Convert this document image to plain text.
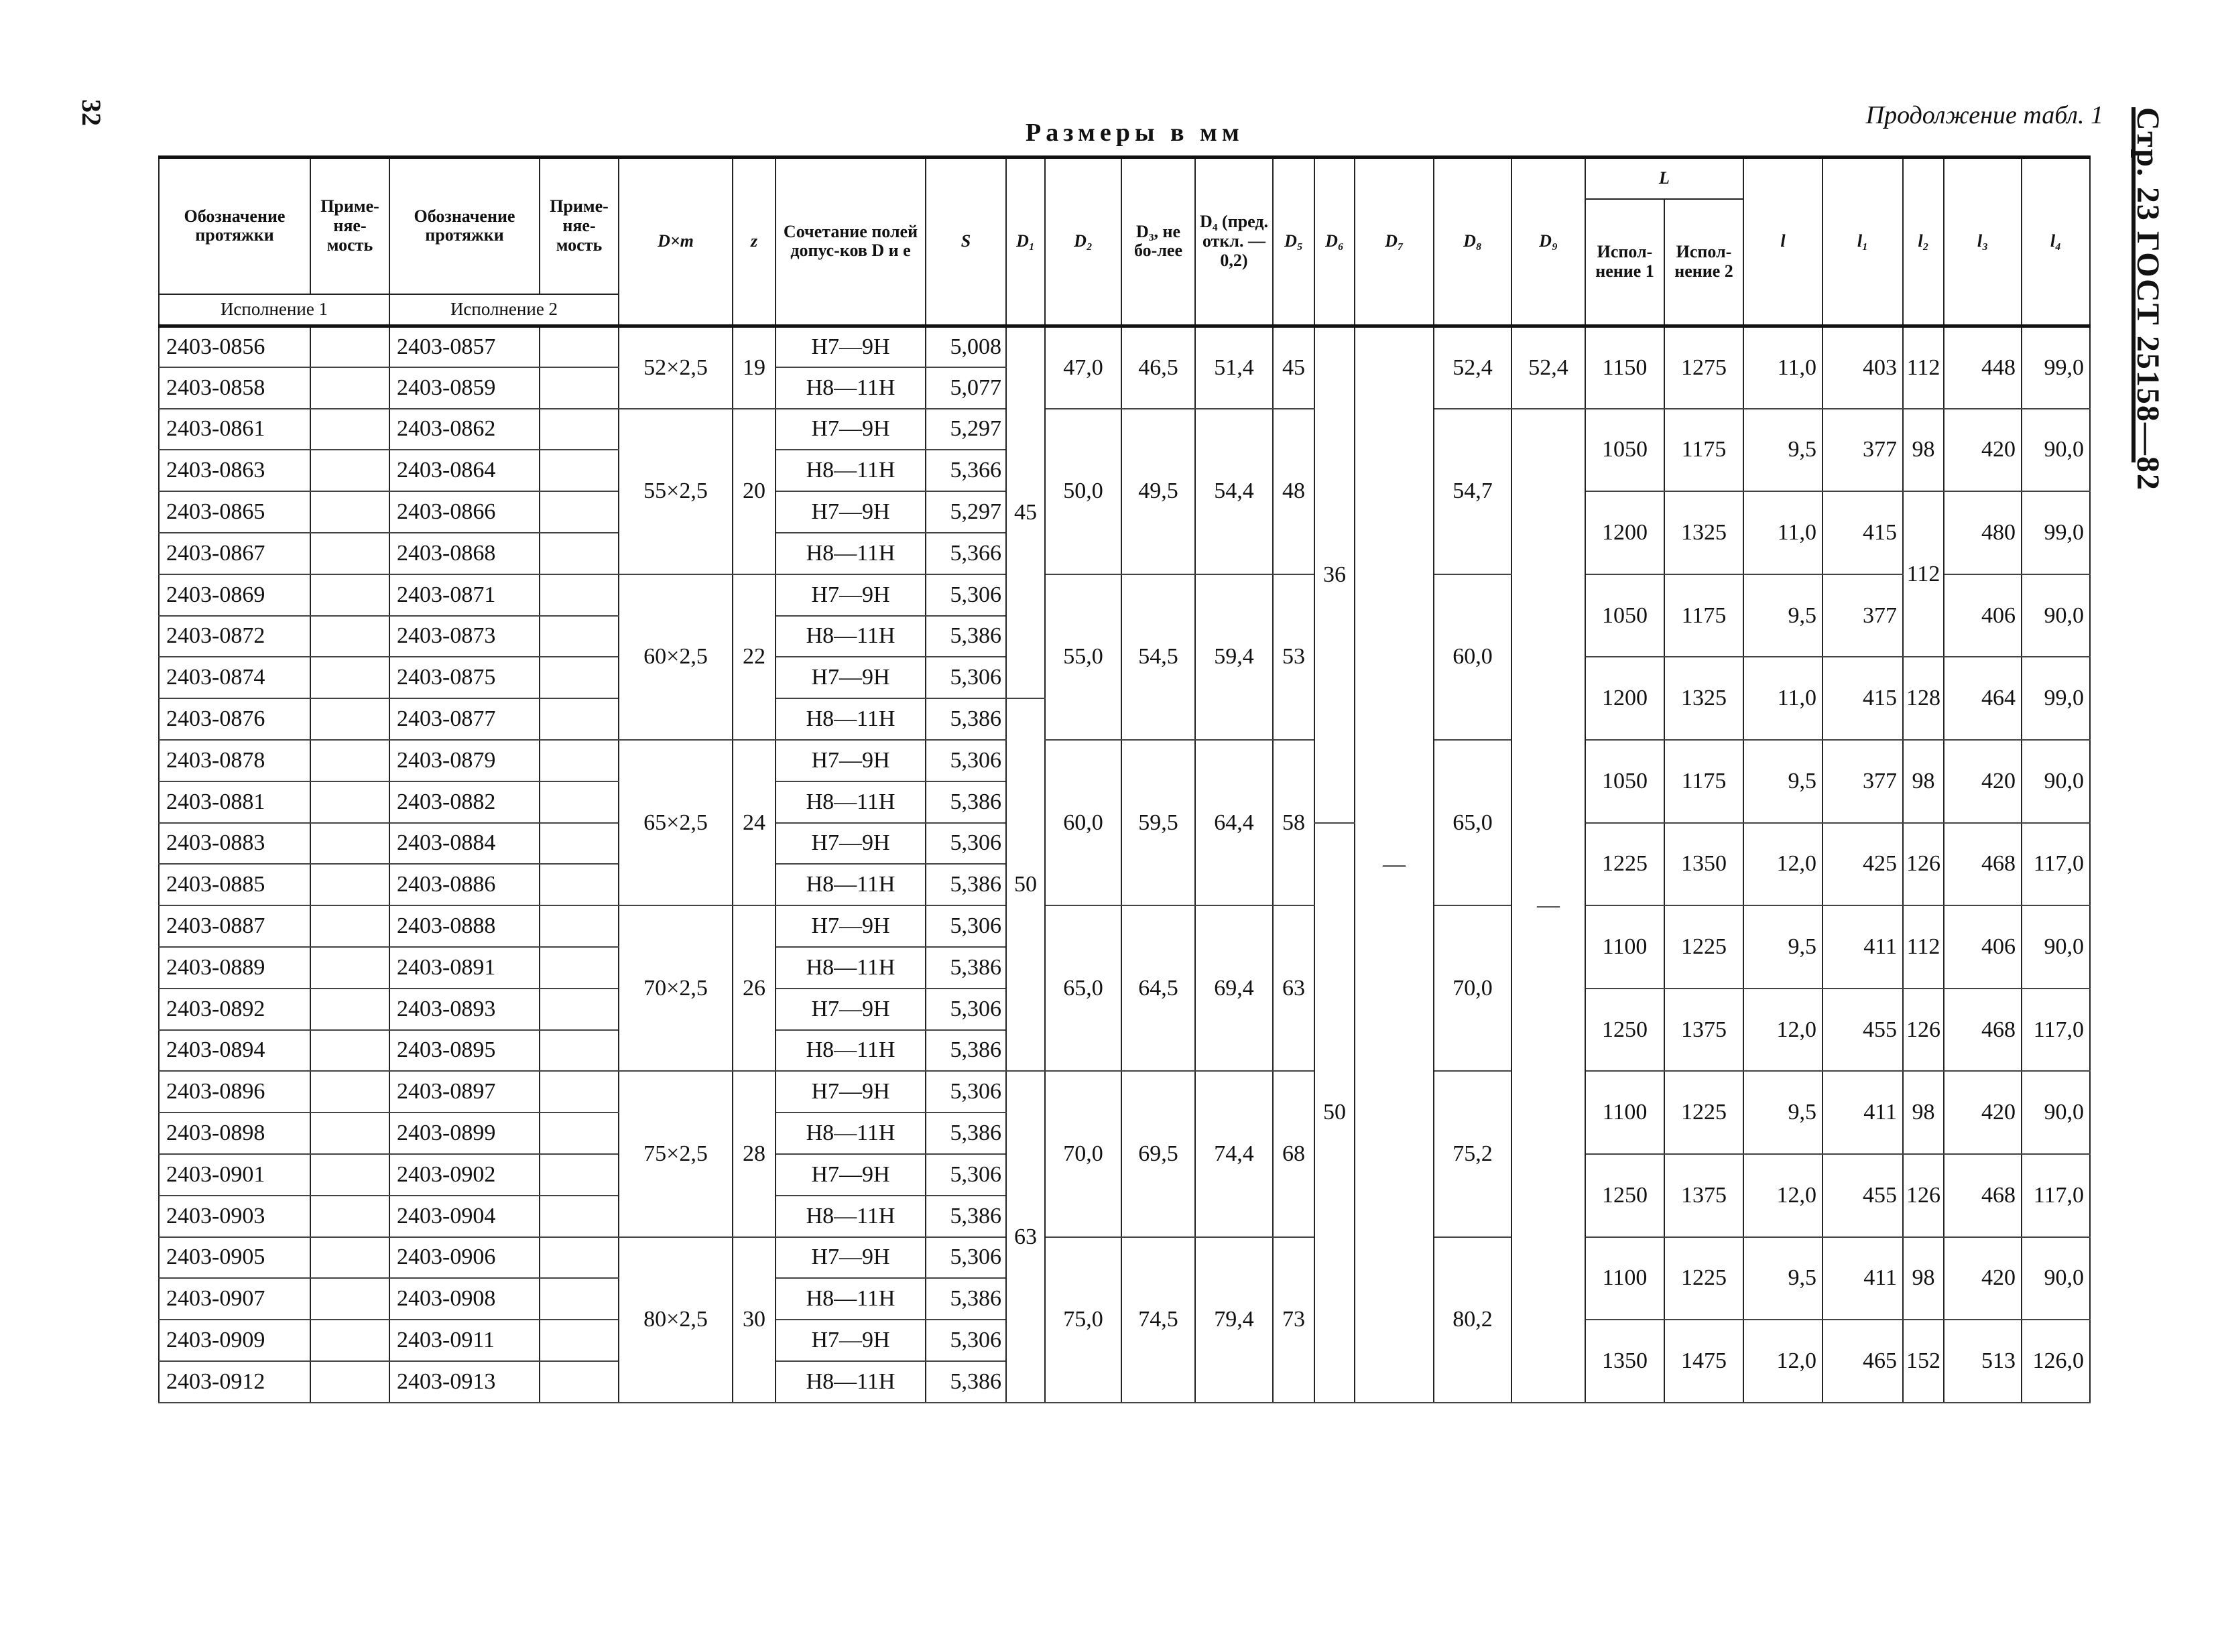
32
Размеры в мм
Продолжение табл. 1 Стр. 23 ГОСТ 25158—82
Обозначение протяжки	Приме-няе-мость	Обозначение протяжки	Приме-няе-мость	D×m	z	Сочетание полей допус-ков D и e	S	D₁	D₂	D₃, не бо-лее	D₄ (пред. откл. —0,2)	D₅	D₆	D₇	D₈	D₉	L		l	l₁	l₂	l₃	l₄
																	Испол-нение 1	Испол-нение 2					
Исполнение 1		Исполнение 2																					
2403-0856		2403-0857		52×2,5	19	H7—9H	5,008	45	47,0	46,5	51,4	45	36	—	52,4	52,4	1150	1275	11,0	403	112	448	99,0
2403-0858		2403-0859				H8—11H	5,077																
2403-0861		2403-0862		55×2,5	20	H7—9H	5,297		50,0	49,5	54,4	48			54,7	—	1050	1175	9,5	377	98	420	90,0
2403-0863		2403-0864				H8—11H	5,366																
2403-0865		2403-0866				H7—9H	5,297										1200	1325	11,0	415	112	480	99,0
2403-0867		2403-0868				H8—11H	5,366																
2403-0869		2403-0871		60×2,5	22	H7—9H	5,306		55,0	54,5	59,4	53			60,0		1050	1175	9,5	377		406	90,0
2403-0872		2403-0873				H8—11H	5,386																
2403-0874		2403-0875				H7—9H	5,306										1200	1325	11,0	415	128	464	99,0
2403-0876		2403-0877				H8—11H	5,386	50															
2403-0878		2403-0879		65×2,5	24	H7—9H	5,306		60,0	59,5	64,4	58			65,0		1050	1175	9,5	377	98	420	90,0
2403-0881		2403-0882				H8—11H	5,386																
2403-0883		2403-0884				H7—9H	5,306						50				1225	1350	12,0	425	126	468	117,0
2403-0885		2403-0886				H8—11H	5,386																
2403-0887		2403-0888		70×2,5	26	H7—9H	5,306		65,0	64,5	69,4	63			70,0		1100	1225	9,5	411	112	406	90,0
2403-0889		2403-0891				H8—11H	5,386																
2403-0892		2403-0893				H7—9H	5,306										1250	1375	12,0	455	126	468	117,0
2403-0894		2403-0895				H8—11H	5,386																
2403-0896		2403-0897		75×2,5	28	H7—9H	5,306	63	70,0	69,5	74,4	68			75,2		1100	1225	9,5	411	98	420	90,0
2403-0898		2403-0899				H8—11H	5,386																
2403-0901		2403-0902				H7—9H	5,306										1250	1375	12,0	455	126	468	117,0
2403-0903		2403-0904				H8—11H	5,386																
2403-0905		2403-0906		80×2,5	30	H7—9H	5,306		75,0	74,5	79,4	73			80,2		1100	1225	9,5	411	98	420	90,0
2403-0907		2403-0908				H8—11H	5,386																
2403-0909		2403-0911				H7—9H	5,306										1350	1475	12,0	465	152	513	126,0
2403-0912		2403-0913				H8—11H	5,386																
